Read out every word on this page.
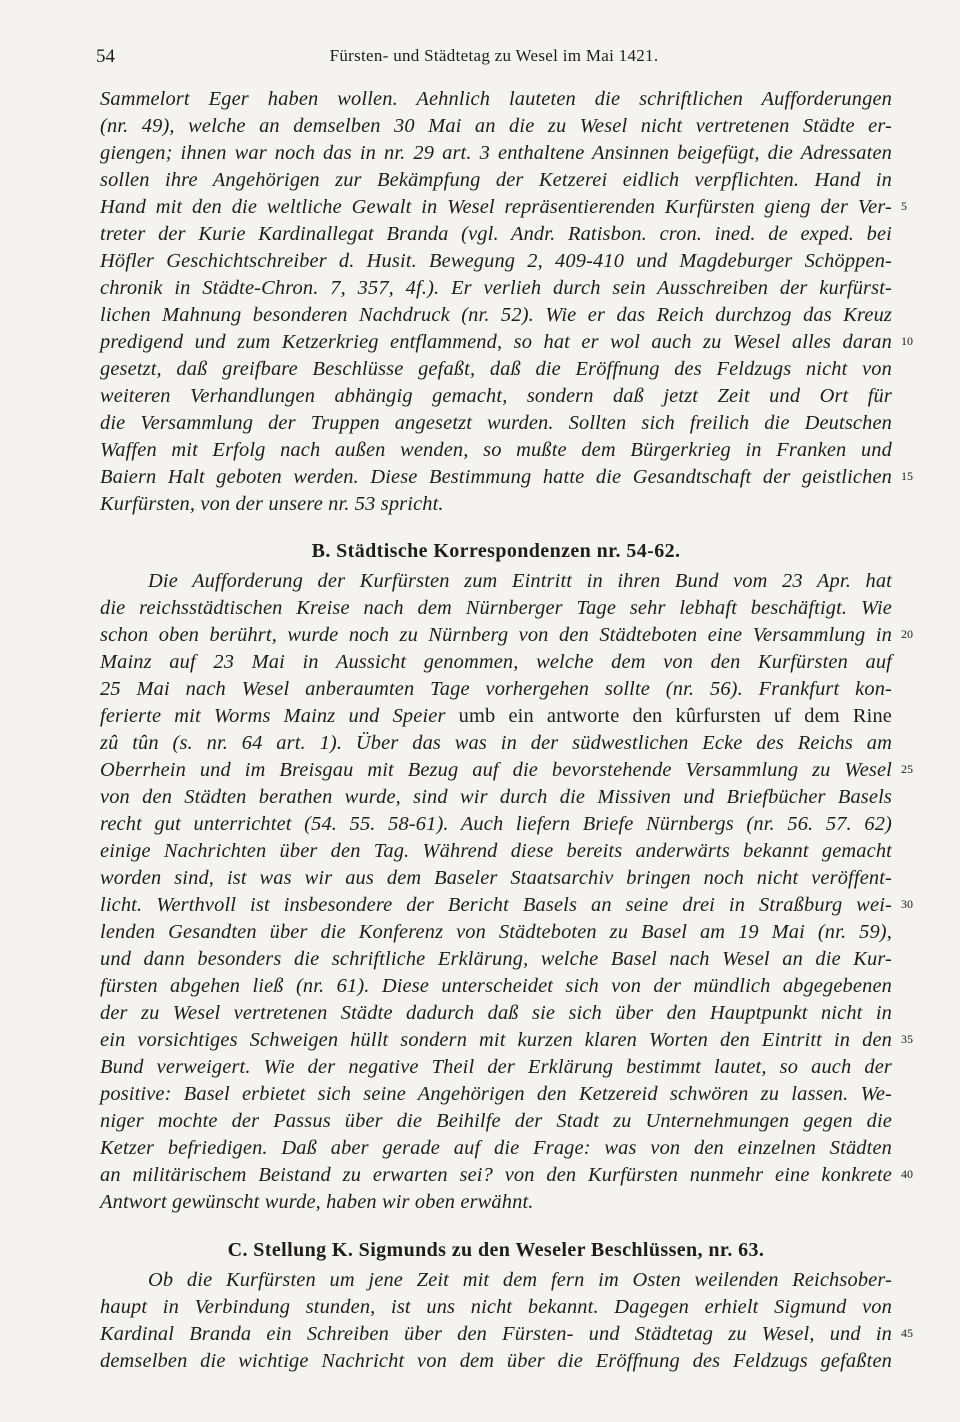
54	Fürsten- und Städtetag zu Wesel im Mai 1421.
Sammelort Eger haben wollen. Aehnlich lauteten die schriftlichen Aufforderungen
(nr. 49), welche an demselben 30 Mai an die zu Wesel nicht vertretenen Städte er-
giengen; ihnen war noch das in nr. 29 art. 3 enthaltene Ansinnen beigefügt, die Adressaten
sollen ihre Angehörigen zur Bekämpfung der Ketzerei eidlich verpflichten. Hand in
Hand mit den die weltliche Gewalt in Wesel repräsentierenden Kurfürsten gieng der Ver-
treter der Kurie Kardinallegat Branda (vgl. Andr. Ratisbon. cron. ined. de exped. bei
Höfler Geschichtschreiber d. Husit. Bewegung 2, 409-410 und Magdeburger Schöppen-
chronik in Städte-Chron. 7, 357, 4f.). Er verlieh durch sein Ausschreiben der kurfürst-
lichen Mahnung besonderen Nachdruck (nr. 52). Wie er das Reich durchzog das Kreuz
predigend und zum Ketzerkrieg entflammend, so hat er wol auch zu Wesel alles daran
gesetzt, daß greifbare Beschlüsse gefaßt, daß die Eröffnung des Feldzugs nicht von
weiteren Verhandlungen abhängig gemacht, sondern daß jetzt Zeit und Ort für
die Versammlung der Truppen angesetzt wurden. Sollten sich freilich die Deutschen
Waffen mit Erfolg nach außen wenden, so mußte dem Bürgerkrieg in Franken und
Baiern Halt geboten werden. Diese Bestimmung hatte die Gesandtschaft der geistlichen
Kurfürsten, von der unsere nr. 53 spricht.
B. Städtische Korrespondenzen nr. 54-62.
Die Aufforderung der Kurfürsten zum Eintritt in ihren Bund vom 23 Apr. hat
die reichsstädtischen Kreise nach dem Nürnberger Tage sehr lebhaft beschäftigt. Wie
schon oben berührt, wurde noch zu Nürnberg von den Städteboten eine Versammlung in
Mainz auf 23 Mai in Aussicht genommen, welche dem von den Kurfürsten auf
25 Mai nach Wesel anberaumten Tage vorhergehen sollte (nr. 56). Frankfurt kon-
ferierte mit Worms Mainz und Speier umb ein antworte den kûrfursten uf dem Rine
zû tûn (s. nr. 64 art. 1). Über das was in der südwestlichen Ecke des Reichs am
Oberrhein und im Breisgau mit Bezug auf die bevorstehende Versammlung zu Wesel
von den Städten berathen wurde, sind wir durch die Missiven und Briefbücher Basels
recht gut unterrichtet (54. 55. 58-61). Auch liefern Briefe Nürnbergs (nr. 56. 57. 62)
einige Nachrichten über den Tag. Während diese bereits anderwärts bekannt gemacht
worden sind, ist was wir aus dem Baseler Staatsarchiv bringen noch nicht veröffent-
licht. Werthvoll ist insbesondere der Bericht Basels an seine drei in Straßburg wei-
lenden Gesandten über die Konferenz von Städteboten zu Basel am 19 Mai (nr. 59),
und dann besonders die schriftliche Erklärung, welche Basel nach Wesel an die Kur-
fürsten abgehen ließ (nr. 61). Diese unterscheidet sich von der mündlich abgegebenen
der zu Wesel vertretenen Städte dadurch daß sie sich über den Hauptpunkt nicht in
ein vorsichtiges Schweigen hüllt sondern mit kurzen klaren Worten den Eintritt in den
Bund verweigert. Wie der negative Theil der Erklärung bestimmt lautet, so auch der
positive: Basel erbietet sich seine Angehörigen den Ketzereid schwören zu lassen. We-
niger mochte der Passus über die Beihilfe der Stadt zu Unternehmungen gegen die
Ketzer befriedigen. Daß aber gerade auf die Frage: was von den einzelnen Städten
an militärischem Beistand zu erwarten sei? von den Kurfürsten nunmehr eine konkrete
Antwort gewünscht wurde, haben wir oben erwähnt.
C. Stellung K. Sigmunds zu den Weseler Beschlüssen, nr. 63.
Ob die Kurfürsten um jene Zeit mit dem fern im Osten weilenden Reichsober-
haupt in Verbindung stunden, ist uns nicht bekannt. Dagegen erhielt Sigmund von
Kardinal Branda ein Schreiben über den Fürsten- und Städtetag zu Wesel, und in
demselben die wichtige Nachricht von dem über die Eröffnung des Feldzugs gefaßten
5
10
15
20
25
30
35
40
45
